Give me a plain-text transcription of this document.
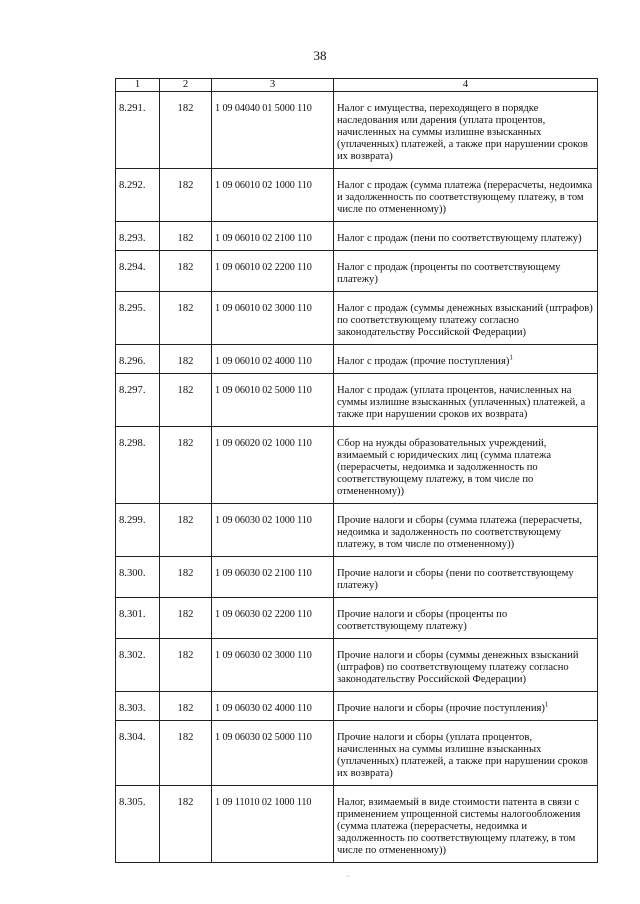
38
1	2	3	4
8.291.	182	1 09 04040 01 5000 110	Налог с имущества, переходящего в порядке наследования или дарения (уплата процентов, начисленных на суммы излишне взысканных (уплаченных) платежей, а также при нарушении сроков их возврата)
8.292.	182	1 09 06010 02 1000 110	Налог с продаж (сумма платежа (перерасчеты, недоимка и задолженность по соответствующему платежу, в том числе по отмененному))
8.293.	182	1 09 06010 02 2100 110	Налог с продаж (пени по соответствующему платежу)
8.294.	182	1 09 06010 02 2200 110	Налог с продаж (проценты по соответствующему платежу)
8.295.	182	1 09 06010 02 3000 110	Налог с продаж (суммы денежных взысканий (штрафов) по соответствующему платежу согласно законодательству Российской Федерации)
8.296.	182	1 09 06010 02 4000 110	Налог с продаж (прочие поступления)$^1$
8.297.	182	1 09 06010 02 5000 110	Налог с продаж (уплата процентов, начисленных на суммы излишне взысканных (уплаченных) платежей, а также при нарушении сроков их возврата)
8.298.	182	1 09 06020 02 1000 110	Сбор на нужды образовательных учреждений, взимаемый с юридических лиц (сумма платежа (перерасчеты, недоимка и задолженность по соответствующему платежу, в том числе по отмененному))
8.299.	182	1 09 06030 02 1000 110	Прочие налоги и сборы (сумма платежа (перерасчеты, недоимка и задолженность по соответствующему платежу, в том числе по отмененному))
8.300.	182	1 09 06030 02 2100 110	Прочие налоги и сборы (пени по соответствующему платежу)
8.301.	182	1 09 06030 02 2200 110	Прочие налоги и сборы (проценты по соответствующему платежу)
8.302.	182	1 09 06030 02 3000 110	Прочие налоги и сборы (суммы денежных взысканий (штрафов) по соответствующему платежу согласно законодательству Российской Федерации)
8.303.	182	1 09 06030 02 4000 110	Прочие налоги и сборы (прочие поступления)$^1$
8.304.	182	1 09 06030 02 5000 110	Прочие налоги и сборы (уплата процентов, начисленных на суммы излишне взысканных (уплаченных) платежей, а также при нарушении сроков их возврата)
8.305.	182	1 09 11010 02 1000 110	Налог, взимаемый в виде стоимости патента в связи с применением упрощенной системы налогообложения (сумма платежа (перерасчеты, недоимка и задолженность по соответствующему платежу, в том числе по отмененному))
~
